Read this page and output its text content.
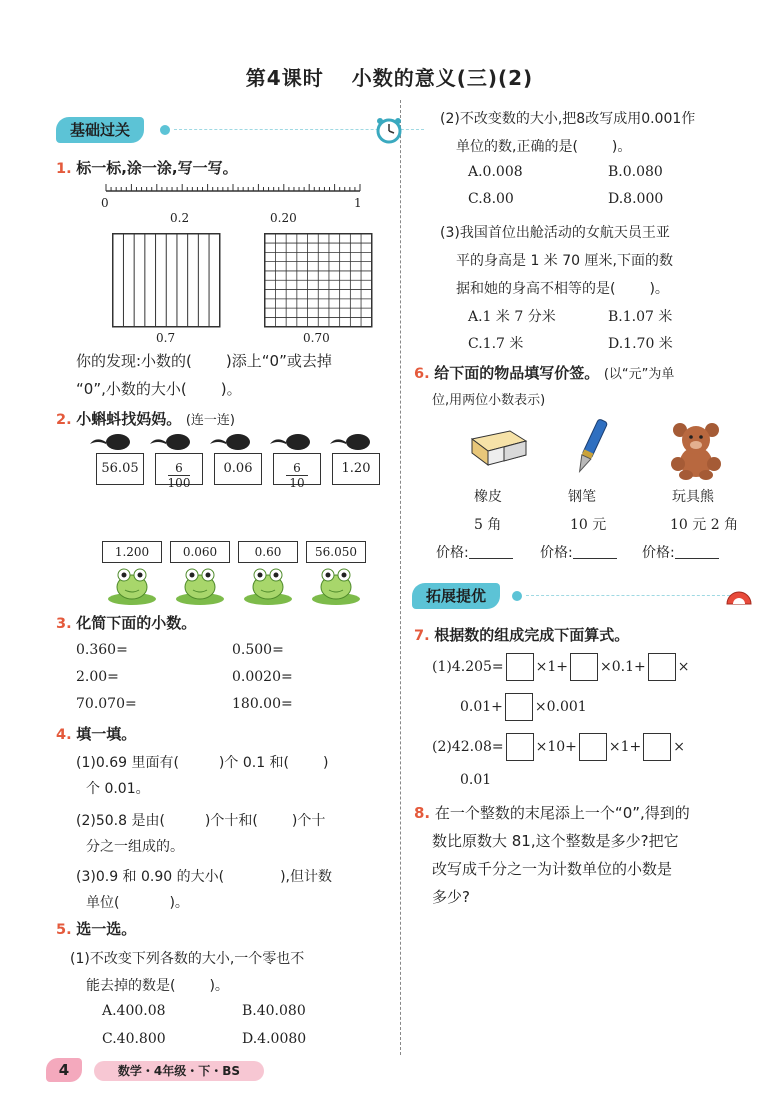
第4课时 小数的意义(三)(2)
基础过关
1. 标一标,涂一涂,写一写。
0	1
0.2	0.20
0.7	0.70
你的发现:小数的( )添上“0”或去掉
“0”,小数的大小( )。
2. 小蝌蚪找妈妈。 (连一连)
56.05	$\frac{6}{100}$	0.06	$\frac{6}{10}$	1.20
1.200	0.060	0.60	56.050
3. 化简下面的小数。
0.360=	0.500=
2.00=	0.0020=
70.070=	180.00=
4. 填一填。
(1)0.69 里面有(	)个 0.1 和( )
个 0.01。
(2)50.8 是由(	)个十和( )个十
分之一组成的。
(3)0.9 和 0.90 的大小(	),但计数
单位(	)。
5. 选一选。
(1)不改变下列各数的大小,一个零也不
能去掉的数是( )。
A.400.08	B.40.080
C.40.800	D.4.0080
(2)不改变数的大小,把8改写成用0.001作
单位的数,正确的是( )。
A.0.008	B.0.080
C.8.00	D.8.000
(3)我国首位出舱活动的女航天员王亚
平的身高是 1 米 70 厘米,下面的数
据和她的身高不相等的是( )。
A.1 米 7 分米	B.1.07 米
C.1.7 米	D.1.70 米
6. 给下面的物品填写价签。 (以“元”为单
位,用两位小数表示)
橡皮	钢笔	玩具熊
5 角	10 元	10 元 2 角
价格:	价格:	价格:
拓展提优
7. 根据数的组成完成下面算式。
(1)4.205= ×1+ ×0.1+ ×
0.01+ ×0.001
(2)42.08= ×10+ ×1+ ×
0.01
8. 在一个整数的末尾添上一个“0”,得到的
数比原数大 81,这个整数是多少?把它
改写成千分之一为计数单位的小数是
多少?
4	数学・4年级・下・BS
